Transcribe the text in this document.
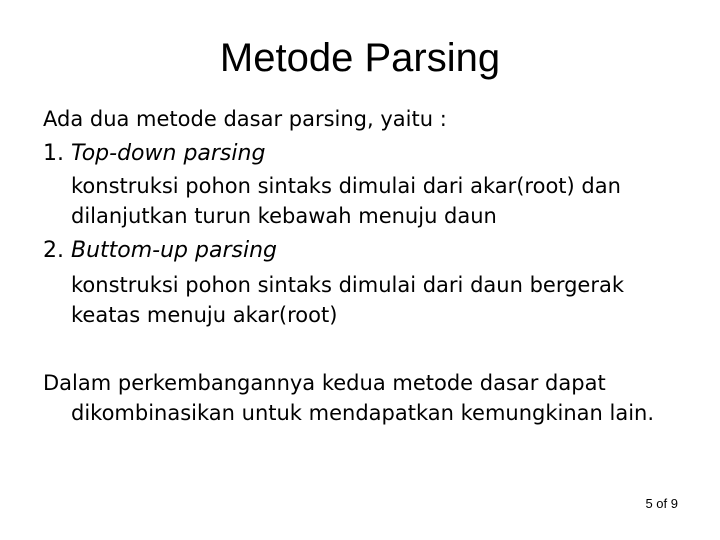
Metode Parsing
Ada dua metode dasar parsing, yaitu :
1. Top-down parsing
konstruksi pohon sintaks dimulai dari akar(root) dan
dilanjutkan turun kebawah menuju daun
2. Buttom-up parsing
konstruksi pohon sintaks dimulai dari daun bergerak
keatas menuju akar(root)
Dalam perkembangannya kedua metode dasar dapat
dikombinasikan untuk mendapatkan kemungkinan lain.
5 of 9
